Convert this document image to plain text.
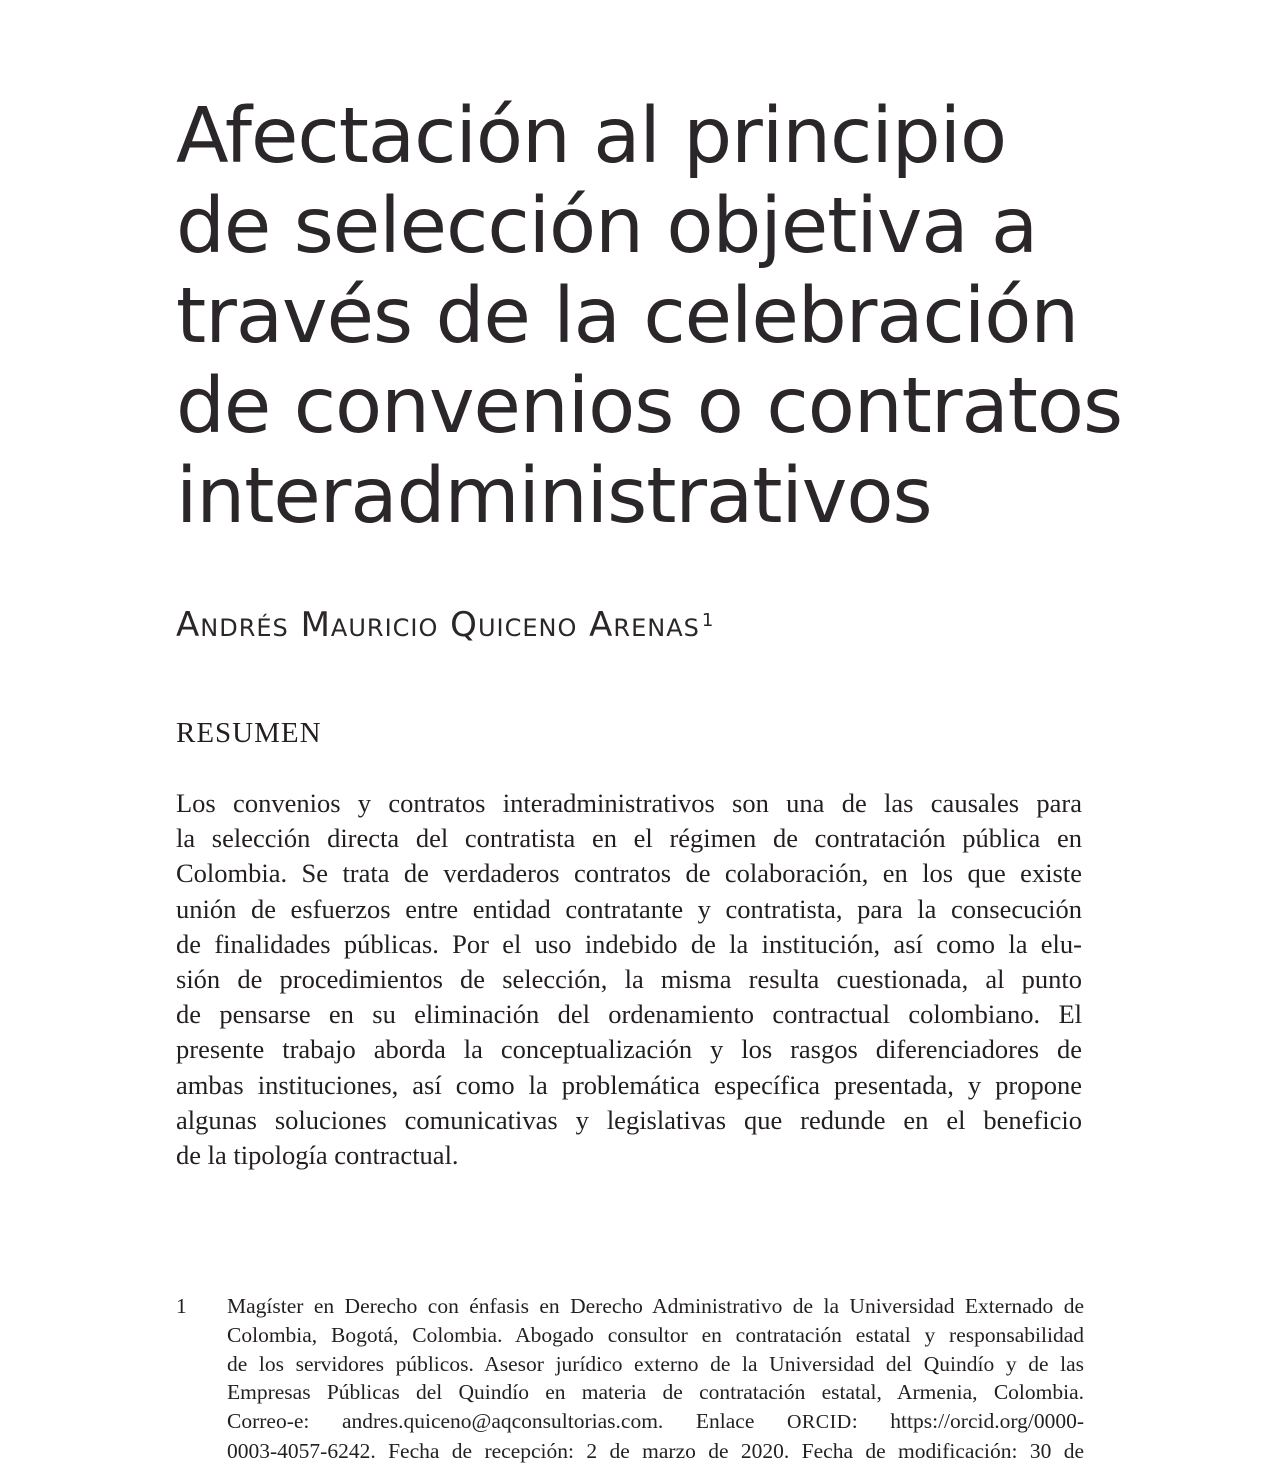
Afectación al principio
de selección objetiva a
través de la celebración
de convenios o contratos
interadministrativos

Andrés Mauricio Quiceno Arenas $^1$

RESUMEN
Los convenios y contratos interadministrativos son una de las causales para
la selección directa del contratista en el régimen de contratación pública en
Colombia. Se trata de verdaderos contratos de colaboración, en los que existe
unión de esfuerzos entre entidad contratante y contratista, para la consecución
de finalidades públicas. Por el uso indebido de la institución, así como la elu-
sión de procedimientos de selección, la misma resulta cuestionada, al punto
de pensarse en su eliminación del ordenamiento contractual colombiano. El
presente trabajo aborda la conceptualización y los rasgos diferenciadores de
ambas instituciones, así como la problemática específica presentada, y propone
algunas soluciones comunicativas y legislativas que redunde en el beneficio
de la tipología contractual.
1 Magíster en Derecho con énfasis en Derecho Administrativo de la Universidad Externado de
Colombia, Bogotá, Colombia. Abogado consultor en contratación estatal y responsabilidad
de los servidores públicos. Asesor jurídico externo de la Universidad del Quindío y de las
Empresas Públicas del Quindío en materia de contratación estatal, Armenia, Colombia.
Correo-e: andres.quiceno@aqconsultorias.com. Enlace ORCID: https://orcid.org/0000-
0003-4057-6242. Fecha de recepción: 2 de marzo de 2020. Fecha de modificación: 30 de
